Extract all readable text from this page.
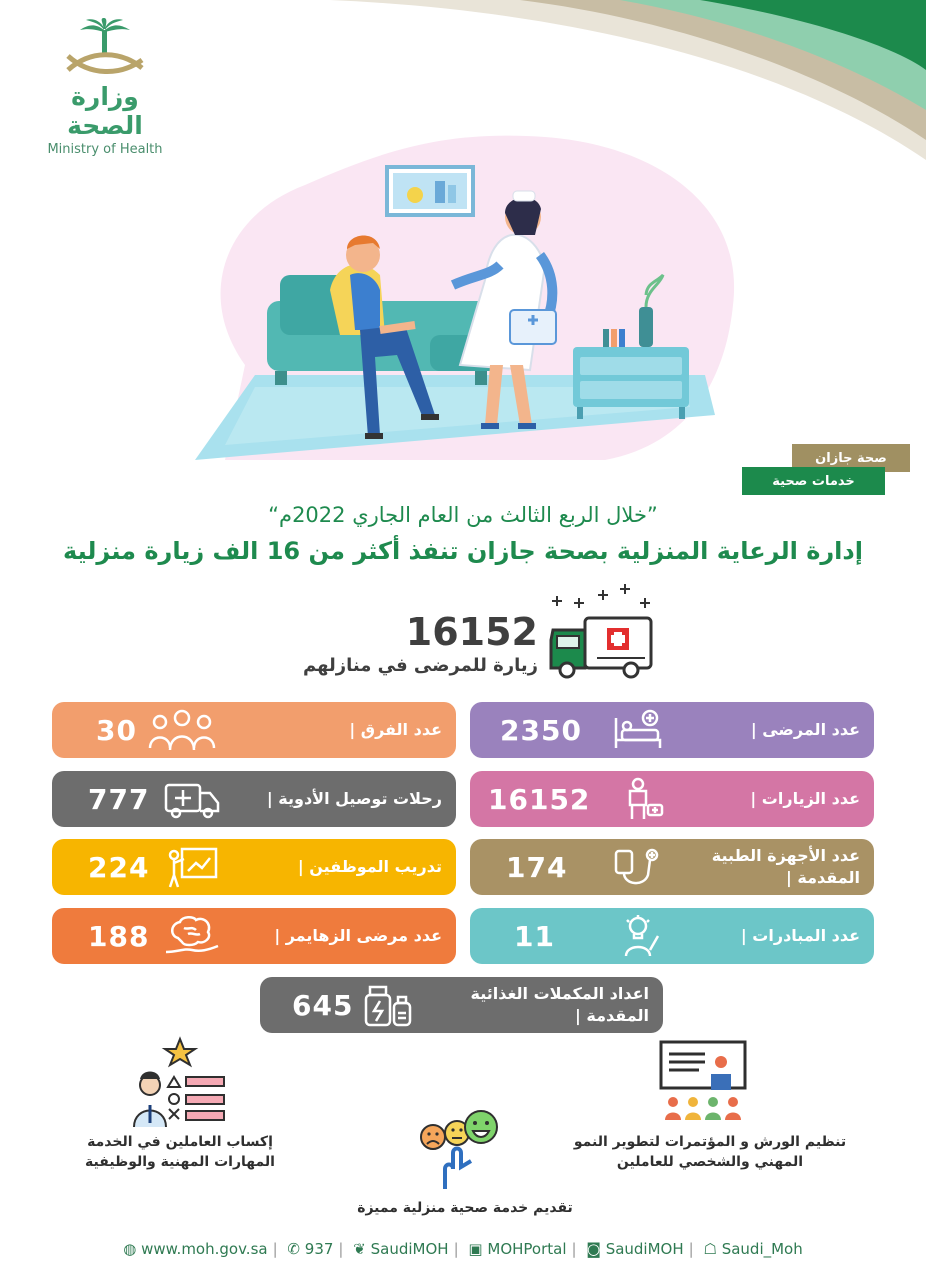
وزارة الصحة
Ministry of Health
صحة جازان
خدمات صحية
”خلال الربع الثالث من العام الجاري 2022م“
إدارة الرعاية المنزلية بصحة جازان تنفذ أكثر من 16 الف زيارة منزلية
16152
زيارة للمرضى في منازلهم
عدد المرضى |
2350
عدد الزيارات |
16152
عدد الأجهزة الطبية المقدمة |
174
عدد المبادرات |
11
عدد الفرق |
30
رحلات توصيل الأدوية |
777
تدريب الموظفين |
224
عدد مرضى الزهايمر |
188
اعداد المكملات الغذائية المقدمة |
645
تنظيم الورش و المؤتمرات لتطوير النمو المهني والشخصي للعاملين
إكساب العاملين في الخدمة المهارات المهنية والوظيفية
تقديم خدمة صحية منزلية مميزة
◍ www.moh.gov.sa | ✆ 937 | ❦ SaudiMOH | ▣ MOHPortal | ◙ SaudiMOH | ☖ Saudi_Moh
